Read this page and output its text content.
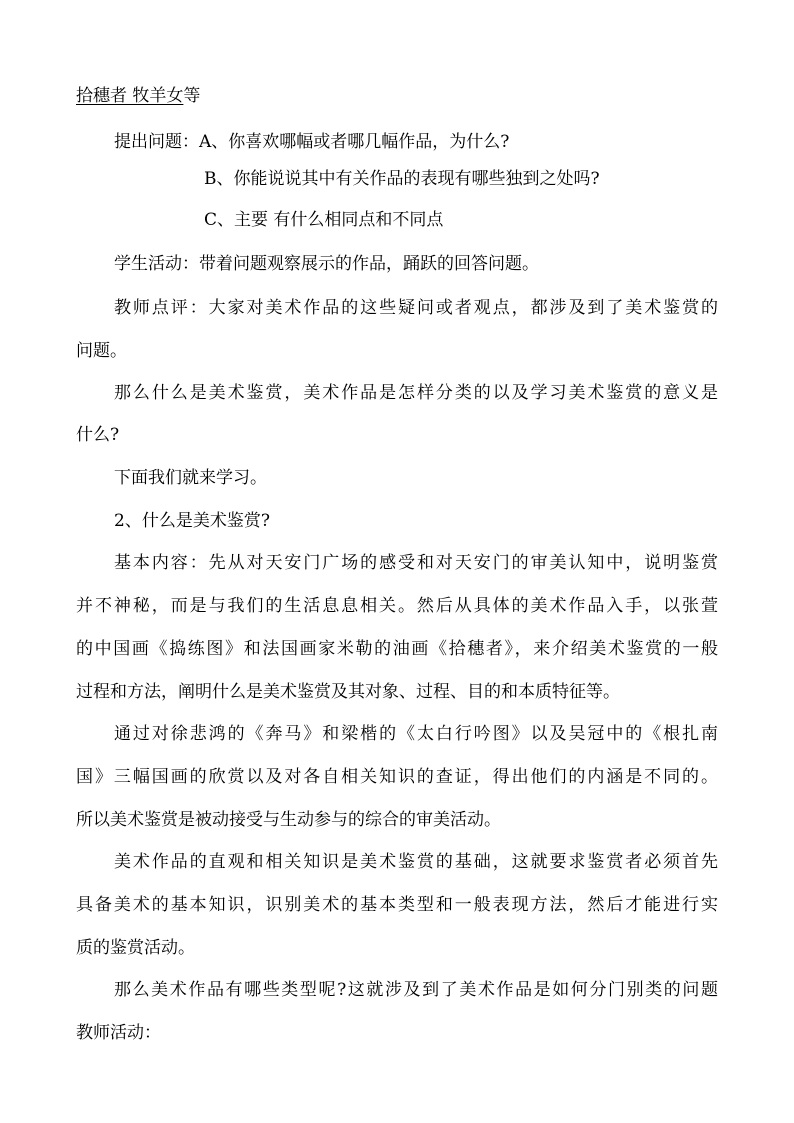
拾穗者 牧羊女等
提出问题：A、你喜欢哪幅或者哪几幅作品，为什么?
B、你能说说其中有关作品的表现有哪些独到之处吗?
C、主要 有什么相同点和不同点
学生活动：带着问题观察展示的作品，踊跃的回答问题。
教师点评：大家对美术作品的这些疑问或者观点，都涉及到了美术鉴赏的
问题。
那么什么是美术鉴赏，美术作品是怎样分类的以及学习美术鉴赏的意义是
什么?
下面我们就来学习。
2、什么是美术鉴赏?
基本内容：先从对天安门广场的感受和对天安门的审美认知中，说明鉴赏
并不神秘，而是与我们的生活息息相关。然后从具体的美术作品入手，以张萱
的中国画《捣练图》和法国画家米勒的油画《拾穗者》，来介绍美术鉴赏的一般
过程和方法，阐明什么是美术鉴赏及其对象、过程、目的和本质特征等。
通过对徐悲鸿的《奔马》和梁楷的《太白行吟图》以及吴冠中的《根扎南
国》三幅国画的欣赏以及对各自相关知识的查证，得出他们的内涵是不同的。
所以美术鉴赏是被动接受与生动参与的综合的审美活动。
美术作品的直观和相关知识是美术鉴赏的基础，这就要求鉴赏者必须首先
具备美术的基本知识，识别美术的基本类型和一般表现方法，然后才能进行实
质的鉴赏活动。
那么美术作品有哪些类型呢?这就涉及到了美术作品是如何分门别类的问题
教师活动：
